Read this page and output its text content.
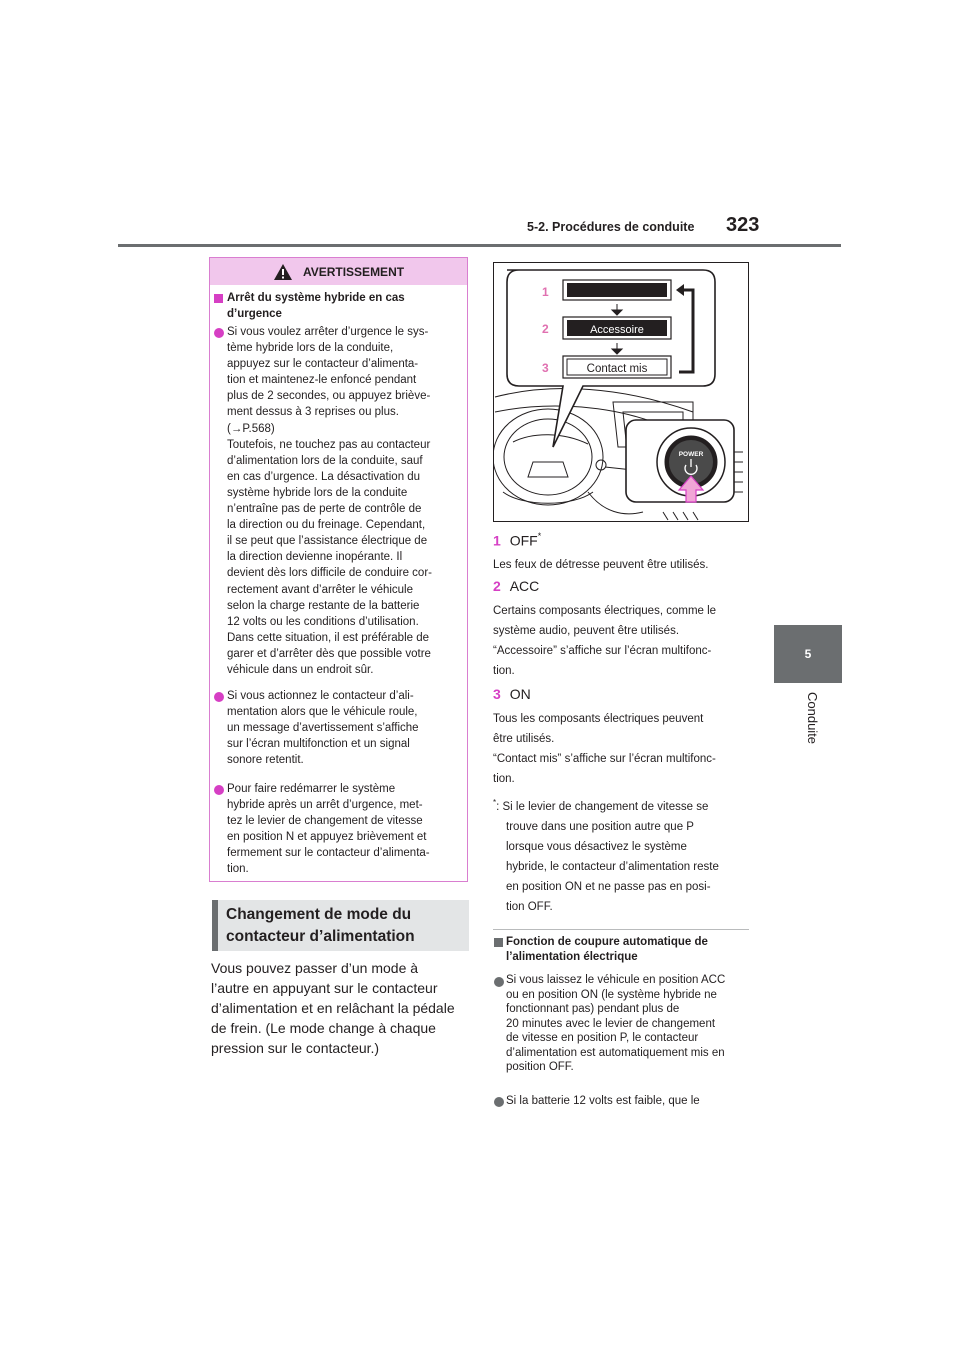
5-2. Procédures de conduite 323
5
Conduite
AVERTISSEMENT
Arrêt du système hybride en cas
d’urgence
Si vous voulez arrêter d’urgence le sys-
tème hybride lors de la conduite,
appuyez sur le contacteur d’alimenta-
tion et maintenez-le enfoncé pendant
plus de 2 secondes, ou appuyez briève-
ment dessus à 3 reprises ou plus.
(→P.568)
Toutefois, ne touchez pas au contacteur
d’alimentation lors de la conduite, sauf
en cas d’urgence. La désactivation du
système hybride lors de la conduite
n’entraîne pas de perte de contrôle de
la direction ou du freinage. Cependant,
il se peut que l’assistance électrique de
la direction devienne inopérante. Il
devient dès lors difficile de conduire cor-
rectement avant d’arrêter le véhicule
selon la charge restante de la batterie
12 volts ou les conditions d’utilisation.
Dans cette situation, il est préférable de
garer et d’arrêter dès que possible votre
véhicule dans un endroit sûr.
Si vous actionnez le contacteur d’ali-
mentation alors que le véhicule roule,
un message d’avertissement s’affiche
sur l’écran multifonction et un signal
sonore retentit.
Pour faire redémarrer le système
hybride après un arrêt d’urgence, met-
tez le levier de changement de vitesse
en position N et appuyez brièvement et
fermement sur le contacteur d’alimenta-
tion.
Changement de mode du
contacteur d’alimentation
Vous pouvez passer d’un mode à
l’autre en appuyant sur le contacteur
d’alimentation et en relâchant la pédale
de frein. (Le mode change à chaque
pression sur le contacteur.)
Accessoire
Contact mis
1
2
3
POWER
1 OFF*
Les feux de détresse peuvent être utilisés.
2 ACC
Certains composants électriques, comme le
système audio, peuvent être utilisés.
“Accessoire” s’affiche sur l’écran multifonc-
tion.
3 ON
Tous les composants électriques peuvent
être utilisés.
“Contact mis” s’affiche sur l’écran multifonc-
tion.
*: Si le levier de changement de vitesse se
trouve dans une position autre que P
lorsque vous désactivez le système
hybride, le contacteur d’alimentation reste
en position ON et ne passe pas en posi-
tion OFF.
Fonction de coupure automatique de
l’alimentation électrique
Si vous laissez le véhicule en position ACC
ou en position ON (le système hybride ne
fonctionnant pas) pendant plus de
20 minutes avec le levier de changement
de vitesse en position P, le contacteur
d’alimentation est automatiquement mis en
position OFF.
Si la batterie 12 volts est faible, que le
